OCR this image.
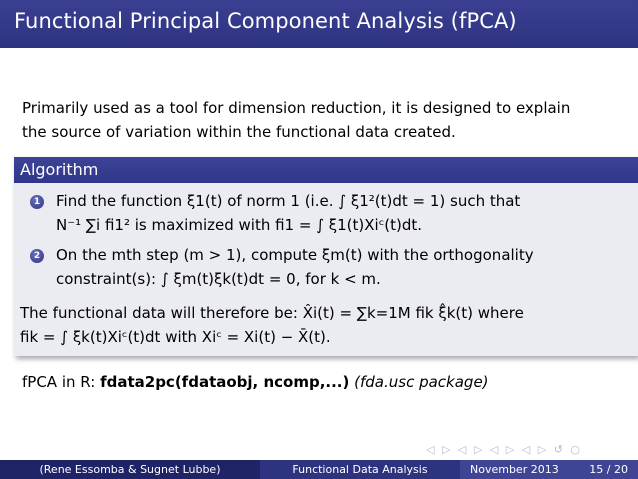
Functional Principal Component Analysis (fPCA)
Primarily used as a tool for dimension reduction, it is designed to explain
the source of variation within the functional data created.
Algorithm
1 Find the function ξ1(t) of norm 1 (i.e. ∫ ξ1²(t)dt = 1) such that
N⁻¹ ∑i fi1² is maximized with fi1 = ∫ ξ1(t)Xiᶜ(t)dt.
2 On the mth step (m > 1), compute ξm(t) with the orthogonality
constraint(s): ∫ ξm(t)ξk(t)dt = 0, for k < m.
The functional data will therefore be: X̂i(t) = ∑k=1M fik ξ̂k(t) where
fik = ∫ ξk(t)Xiᶜ(t)dt with Xiᶜ = Xi(t) − X̄(t).
fPCA in R: fdata2pc(fdataobj, ncomp,...) (fda.usc package)
◁ ▷ ◁ ▷ ◁ ▷ ◁ ▷ ↺ ○
(Rene Essomba & Sugnet Lubbe)	Functional Data Analysis	November 2013	15 / 20
